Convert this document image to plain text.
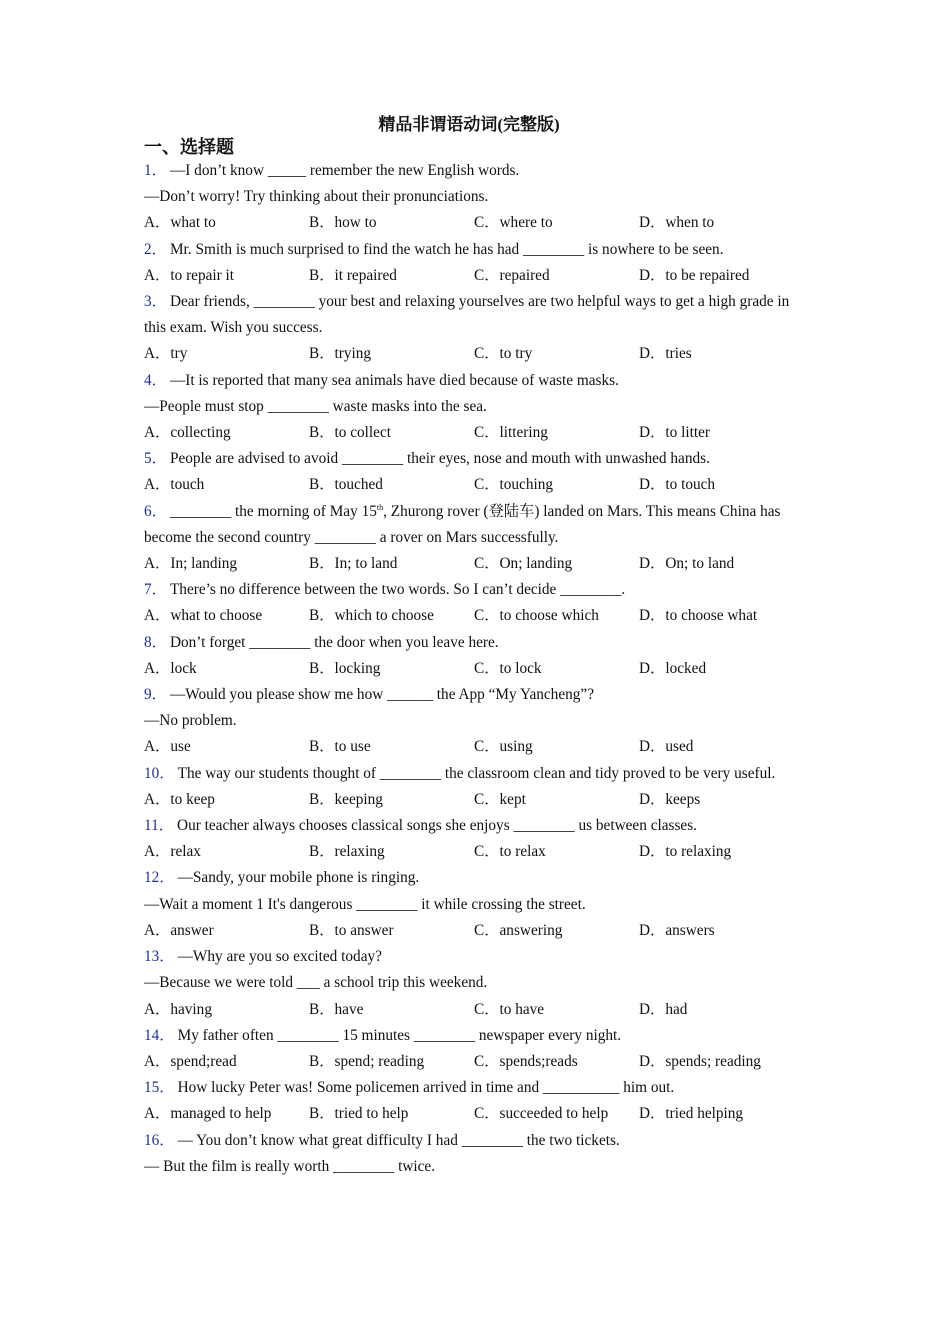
精品非谓语动词(完整版)
一、选择题
1． —I don’t know _____ remember the new English words.
—Don’t worry! Try thinking about their pronunciations.
A．what to	B．how to	C．where to	D．when to
2． Mr. Smith is much surprised to find the watch he has had ________ is nowhere to be seen.
A．to repair it	B．it repaired	C．repaired	D．to be repaired
3． Dear friends, ________ your best and relaxing yourselves are two helpful ways to get a high grade in this exam. Wish you success.
A．try	B．trying	C．to try	D．tries
4． —It is reported that many sea animals have died because of waste masks.
—People must stop ________ waste masks into the sea.
A．collecting	B．to collect	C．littering	D．to litter
5． People are advised to avoid ________ their eyes, nose and mouth with unwashed hands.
A．touch	B．touched	C．touching	D．to touch
6． ________ the morning of May 15th, Zhurong rover (登陆车) landed on Mars. This means China has become the second country ________ a rover on Mars successfully.
A．In; landing	B．In; to land	C．On; landing	D．On; to land
7． There’s no difference between the two words. So I can’t decide ________.
A．what to choose	B．which to choose	C．to choose which	D．to choose what
8． Don’t forget ________ the door when you leave here.
A．lock	B．locking	C．to lock	D．locked
9． —Would you please show me how ______ the App “My Yancheng”?
—No problem.
A．use	B．to use	C．using	D．used
10． The way our students thought of ________ the classroom clean and tidy proved to be very useful.
A．to keep	B．keeping	C．kept	D．keeps
11． Our teacher always chooses classical songs she enjoys ________ us between classes.
A．relax	B．relaxing	C．to relax	D．to relaxing
12． —Sandy, your mobile phone is ringing.
—Wait a moment 1 It's dangerous ________ it while crossing the street.
A．answer	B．to answer	C．answering	D．answers
13． —Why are you so excited today?
—Because we were told ___ a school trip this weekend.
A．having	B．have	C．to have	D．had
14． My father often ________ 15 minutes ________ newspaper every night.
A．spend;read	B．spend; reading	C．spends;reads	D．spends; reading
15． How lucky Peter was! Some policemen arrived in time and __________ him out.
A．managed to help	B．tried to help	C．succeeded to help	D．tried helping
16． — You don’t know what great difficulty I had ________ the two tickets.
— But the film is really worth ________ twice.
